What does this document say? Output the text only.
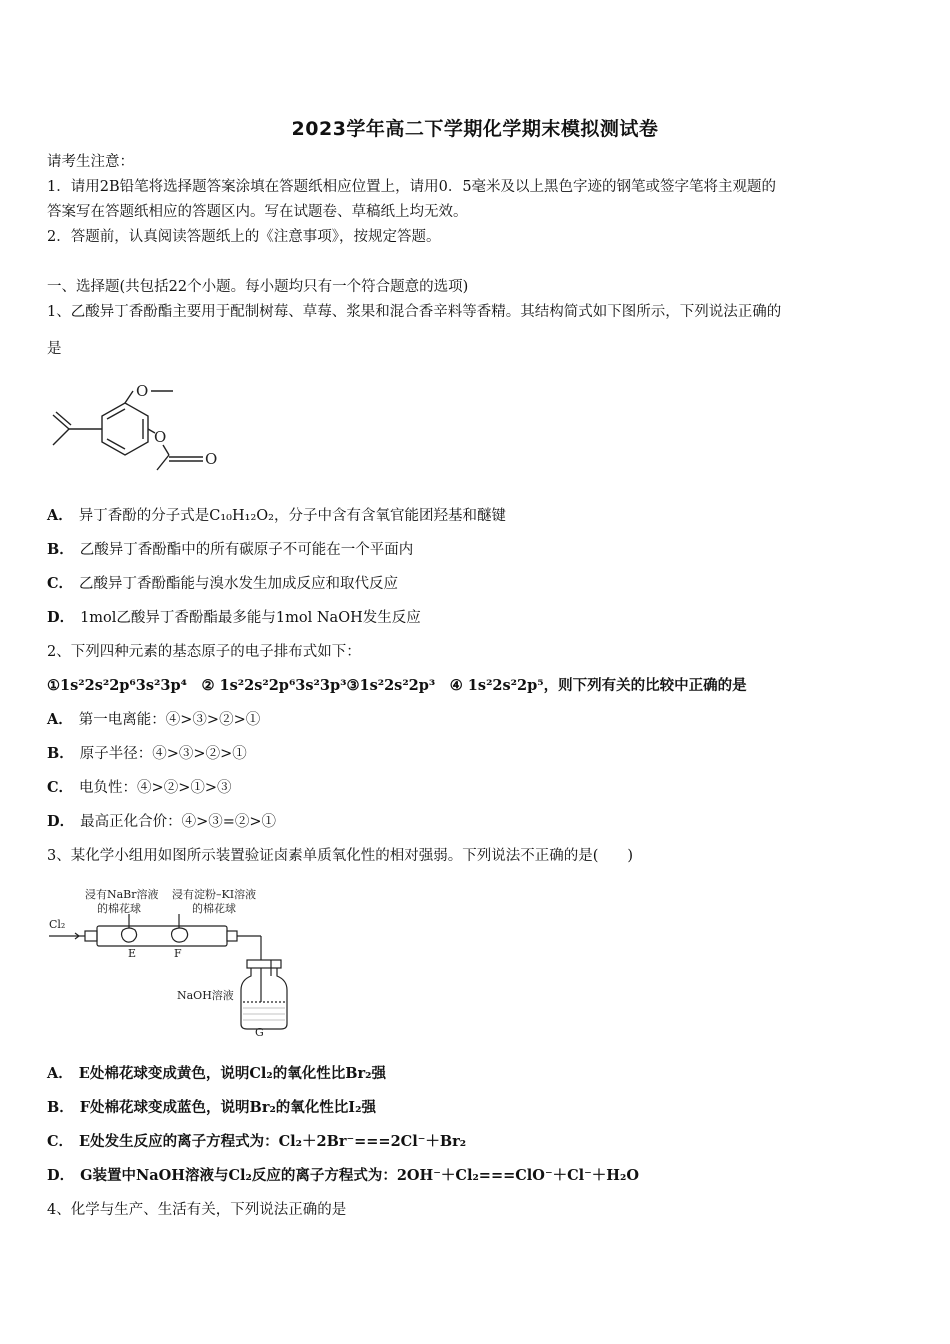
2023学年高二下学期化学期末模拟测试卷
请考生注意：
1．请用2B铅笔将选择题答案涂填在答题纸相应位置上，请用0．5毫米及以上黑色字迹的钢笔或签字笔将主观题的
答案写在答题纸相应的答题区内。写在试题卷、草稿纸上均无效。
2．答题前，认真阅读答题纸上的《注意事项》，按规定答题。
一、选择题(共包括22个小题。每小题均只有一个符合题意的选项)
1、乙酸异丁香酚酯主要用于配制树莓、草莓、浆果和混合香辛料等香精。其结构简式如下图所示，下列说法正确的
是
O
O
O
A． 异丁香酚的分子式是C₁₀H₁₂O₂，分子中含有含氧官能团羟基和醚键
B． 乙酸异丁香酚酯中的所有碳原子不可能在一个平面内
C． 乙酸异丁香酚酯能与溴水发生加成反应和取代反应
D． 1mol乙酸异丁香酚酯最多能与1mol NaOH发生反应
2、下列四种元素的基态原子的电子排布式如下：
①1s²2s²2p⁶3s²3p⁴　② 1s²2s²2p⁶3s²3p³③1s²2s²2p³　④ 1s²2s²2p⁵，则下列有关的比较中正确的是
A． 第一电离能：④>③>②>①
B． 原子半径：④>③>②>①
C． 电负性：④>②>①>③
D． 最高正化合价：④>③=②>①
3、某化学小组用如图所示装置验证卤素单质氧化性的相对强弱。下列说法不正确的是(　　)
浸有NaBr溶液
的棉花球
浸有淀粉–KI溶液
的棉花球
Cl₂
E	F
NaOH溶液
G
A． E处棉花球变成黄色，说明Cl₂的氧化性比Br₂强
B． F处棉花球变成蓝色，说明Br₂的氧化性比I₂强
C． E处发生反应的离子方程式为：Cl₂＋2Br⁻===2Cl⁻＋Br₂
D． G装置中NaOH溶液与Cl₂反应的离子方程式为：2OH⁻＋Cl₂===ClO⁻＋Cl⁻＋H₂O
4、化学与生产、生活有关，下列说法正确的是
